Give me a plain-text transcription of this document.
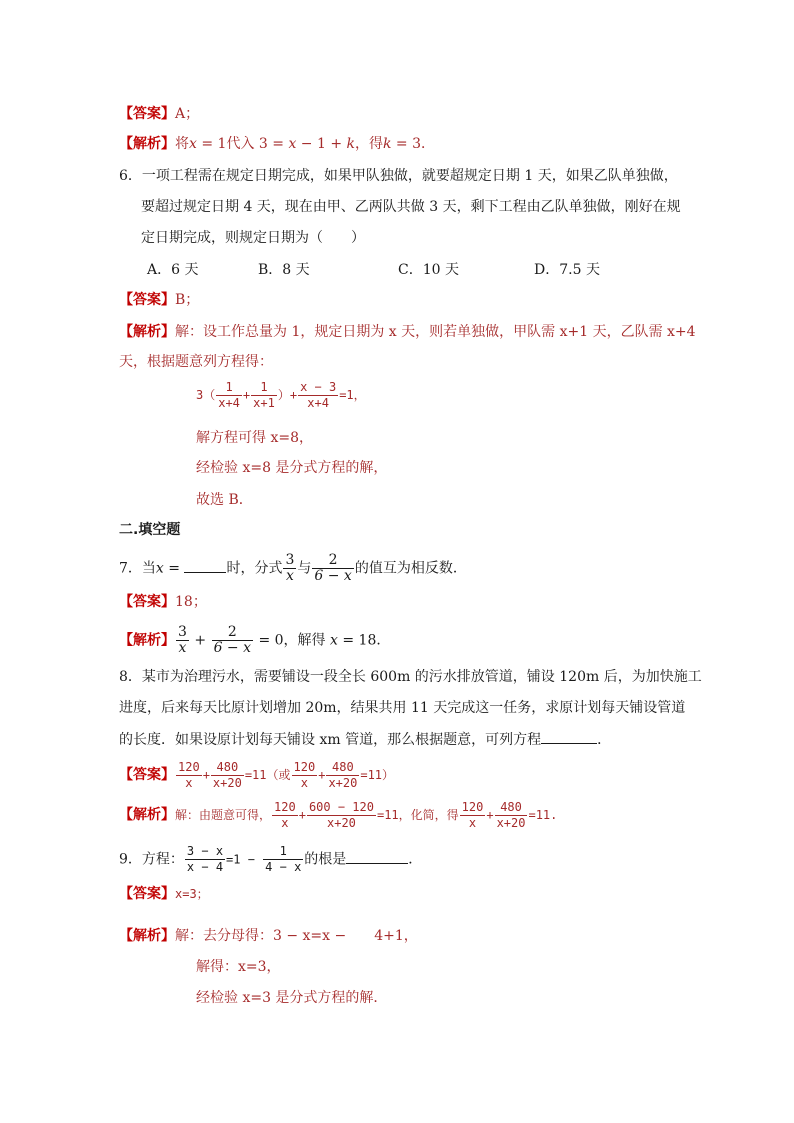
【答案】A；
【解析】将x = 1代入 3 = x − 1 + k，得k = 3．
6．一项工程需在规定日期完成，如果甲队独做，就要超规定日期 1 天，如果乙队单独做，
要超过规定日期 4 天，现在由甲、乙两队共做 3 天，剩下工程由乙队单独做，刚好在规
定日期完成，则规定日期为（　　）
A．6 天	B．8 天	C．10 天	D．7.5 天
【答案】B；
【解析】解：设工作总量为 1，规定日期为 x 天，则若单独做，甲队需 x+1 天，乙队需 x+4
天，根据题意列方程得：
$3( \frac{1}{x+4} + \frac{1}{x+1}$ ）+ $\frac{x - 3}{x+4} =1$，
解方程可得 x=8，
经检验 x=8 是分式方程的解，
故选 B．
二.填空题
7．当x =	时，分式 $\frac{3}{x}$ 与 $\frac{2}{6 - x}$ 的值互为相反数．
【答案】18；
【解析】 $\frac{3}{x} + \frac{2}{6 - x} = 0$，解得 x = 18．
8．某市为治理污水，需要铺设一段全长 600m 的污水排放管道，铺设 120m 后，为加快施工
进度，后来每天比原计划增加 20m，结果共用 11 天完成这一任务，求原计划每天铺设管道
的长度．如果设原计划每天铺设 xm 管道，那么根据题意，可列方程	．
【答案】 $\frac{120}{x} + \frac{480}{x+20} =11$（或 $\frac{120}{x} + \frac{480}{x+20} =11$）
【解析】解：由题意可得， $\frac{120}{x} + \frac{600 - 120}{x+20} =11$，化简，得 $\frac{120}{x} + \frac{480}{x+20} =11$.
9．方程： $\frac{3 - x}{x - 4} =1 - \frac{1}{4 - x}$ 的根是	．
【答案】x=3；
【解析】解：去分母得：3 − x=x −　　4+1，
解得：x=3，
经检验 x=3 是分式方程的解．
